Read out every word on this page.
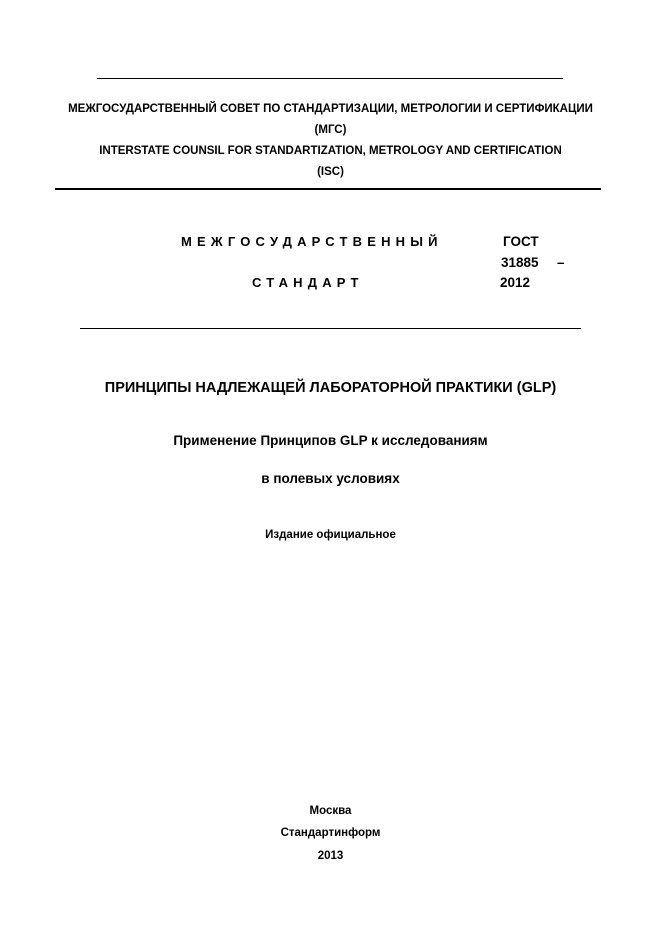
МЕЖГОСУДАРСТВЕННЫЙ СОВЕТ ПО СТАНДАРТИЗАЦИИ, МЕТРОЛОГИИ И СЕРТИФИКАЦИИ
(МГС)
INTERSTATE COUNSIL FOR STANDARTIZATION, METROLOGY AND CERTIFICATION
(ISC)
МЕЖГОСУДАРСТВЕННЫЙ
СТАНДАРТ
ГОСТ
31885 –
2012
ПРИНЦИПЫ НАДЛЕЖАЩЕЙ ЛАБОРАТОРНОЙ ПРАКТИКИ (GLP)
Применение Принципов GLP к исследованиям
в полевых условиях
Издание официальное
Москва
Стандартинформ
2013
